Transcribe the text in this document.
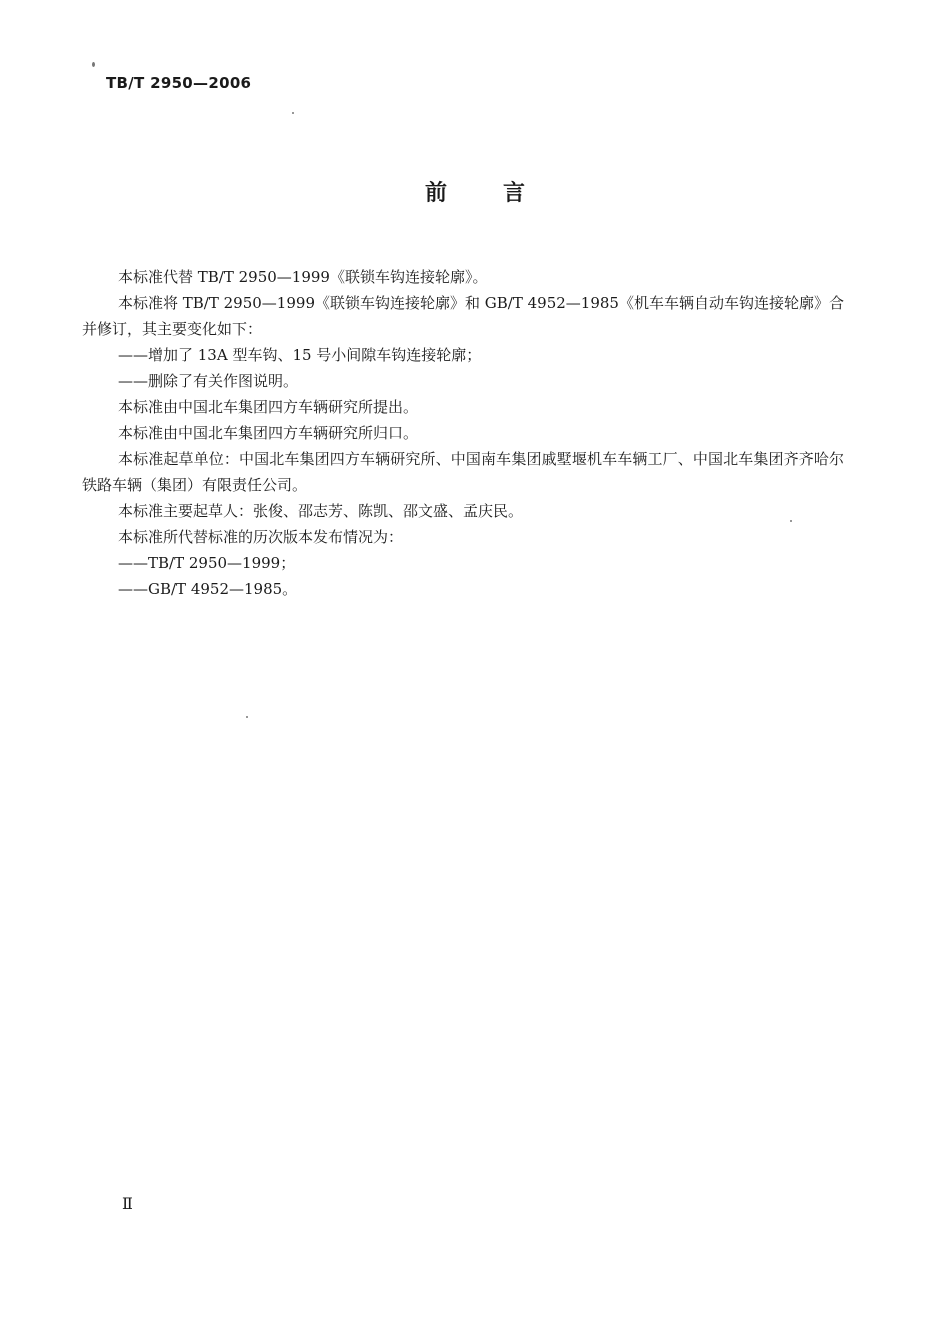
TB/T 2950—2006
前言

本标准代替 TB/T 2950—1999《联锁车钩连接轮廓》。

本标准将 TB/T 2950—1999《联锁车钩连接轮廓》和 GB/T 4952—1985《机车车辆自动车钩连接轮廓》合并修订，其主要变化如下：

——增加了 13A 型车钩、15 号小间隙车钩连接轮廓；

——删除了有关作图说明。

本标准由中国北车集团四方车辆研究所提出。

本标准由中国北车集团四方车辆研究所归口。

本标准起草单位：中国北车集团四方车辆研究所、中国南车集团戚墅堰机车车辆工厂、中国北车集团齐齐哈尔铁路车辆（集团）有限责任公司。

本标准主要起草人：张俊、邵志芳、陈凯、邵文盛、孟庆民。

本标准所代替标准的历次版本发布情况为：

——TB/T 2950—1999；

——GB/T 4952—1985。

Ⅱ
